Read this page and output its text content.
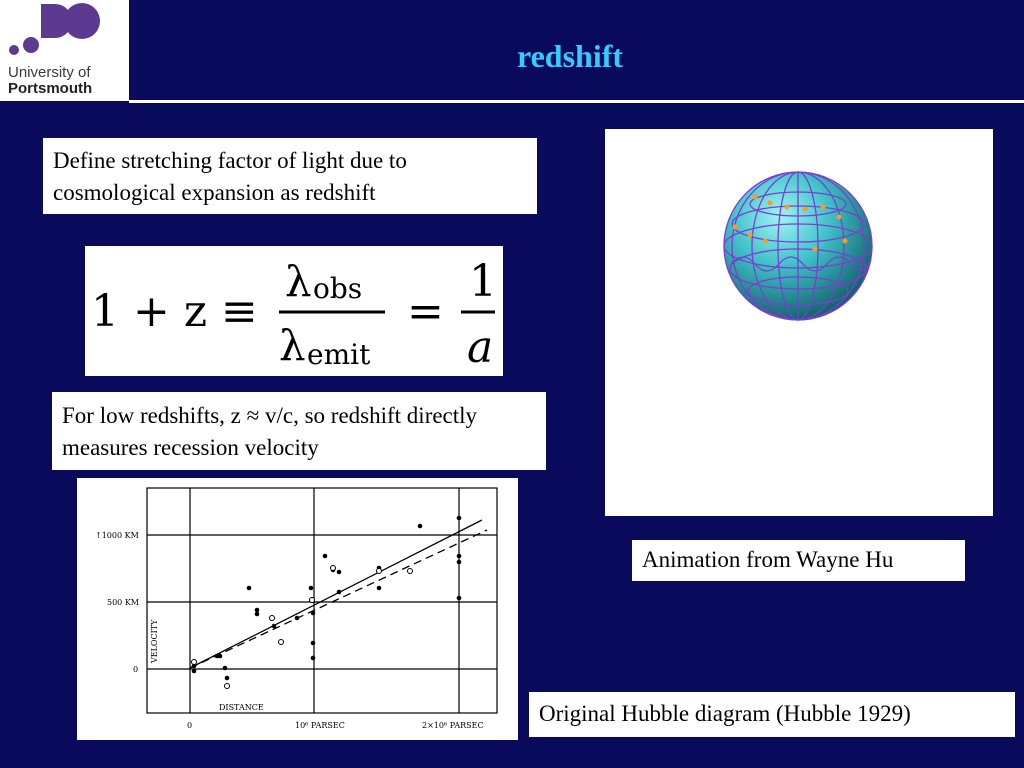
University of
Portsmouth
redshift
Define stretching factor of light due to cosmological expansion as redshift
1 + z ≡
λ obs
λ emit
=
1
a
For low redshifts, z ≈ v/c, so redshift directly measures recession velocity
Animation from Wayne Hu
↑1000 KM
500 KM
0
VELOCITY
DISTANCE
0	10⁶ PARSEC	2×10⁶ PARSEC	Original Hubble diagram (Hubble 1929)
